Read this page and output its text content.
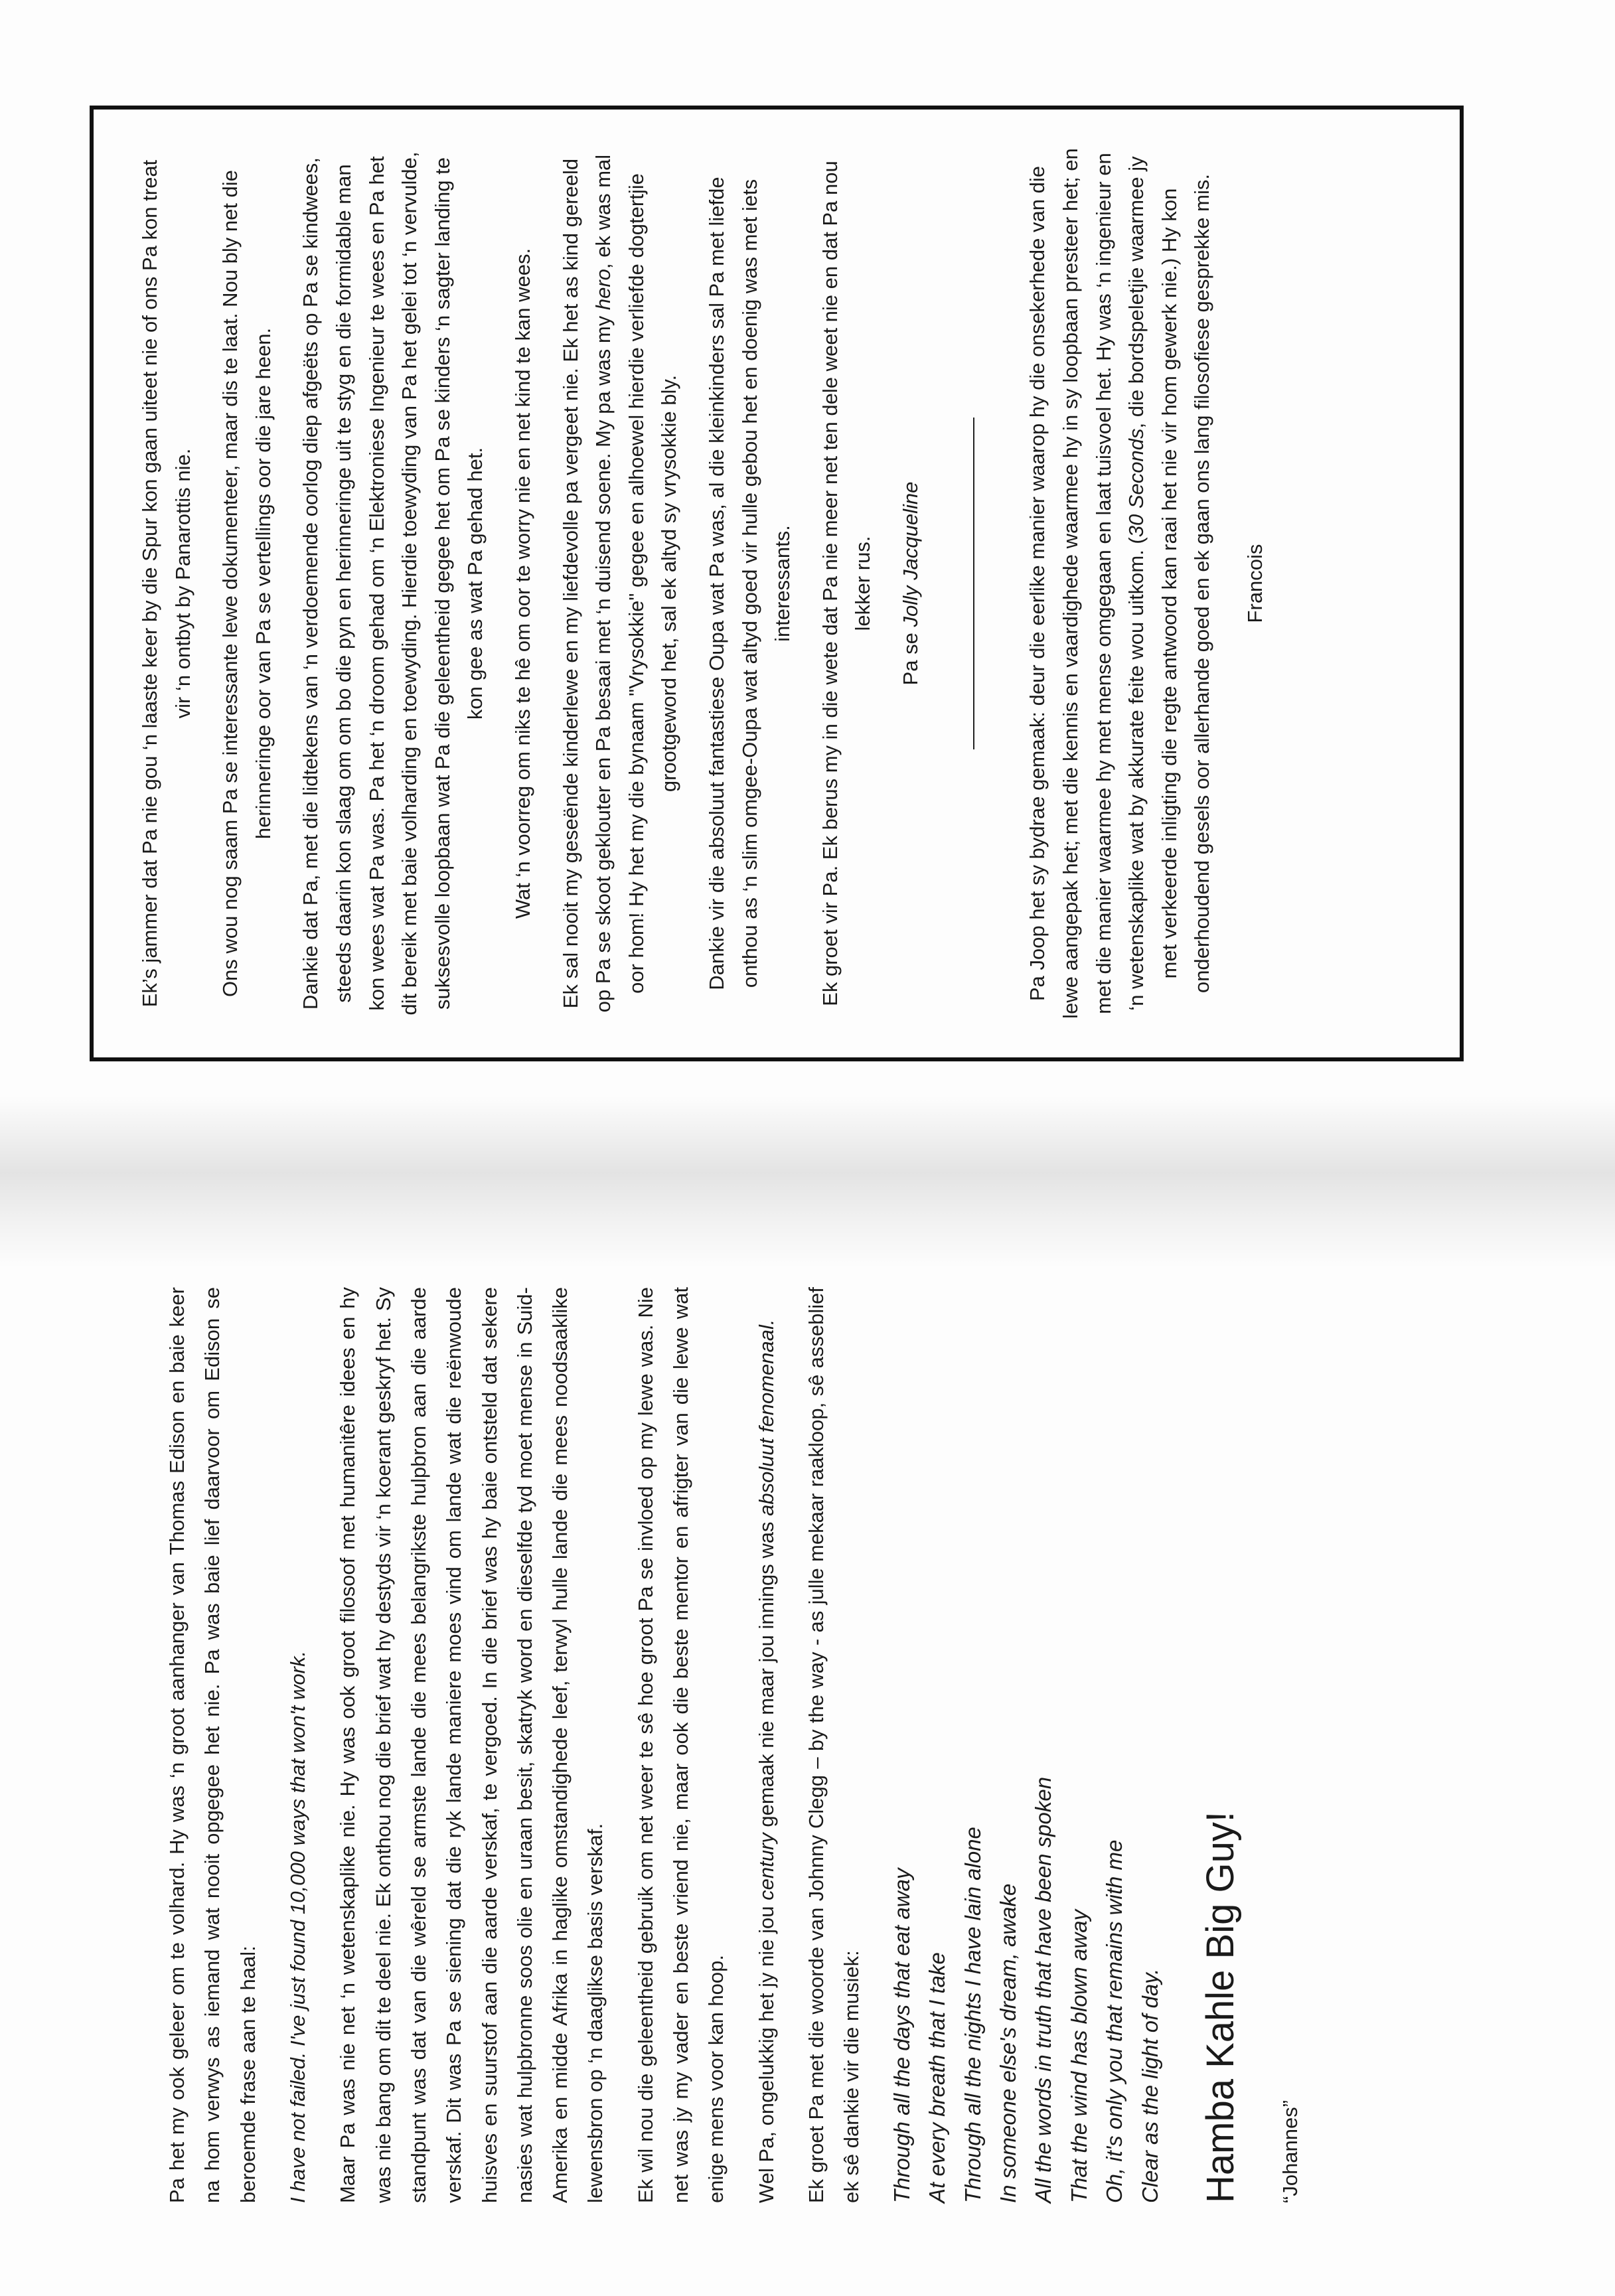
Pa het my ook geleer om te volhard. Hy was ‘n groot aanhanger van Thomas Edison en baie keer na hom verwys as iemand wat nooit opgegee het nie. Pa was baie lief daarvoor om Edison se beroemde frase aan te haal:	I have not failed. I've just found 10,000 ways that won't work.	Maar Pa was nie net ‘n wetenskaplike nie. Hy was ook groot filosoof met humanitêre idees en hy was nie bang om dit te deel nie. Ek onthou nog die brief wat hy destyds vir ‘n koerant geskryf het. Sy standpunt was dat van die wêreld se armste lande die mees belangrikste hulpbron aan die aarde verskaf. Dit was Pa se siening dat die ryk lande maniere moes vind om lande wat die reënwoude huisves en suurstof aan die aarde verskaf, te vergoed. In die brief was hy baie ontsteld dat sekere nasies wat hulpbronne soos olie en uraan besit, skatryk word en dieselfde tyd moet mense in Suid-Amerika en midde Afrika in haglike omstandighede leef, terwyl hulle lande die mees noodsaaklike lewensbron op ‘n daaglikse basis verskaf.	Ek wil nou die geleentheid gebruik om net weer te sê hoe groot Pa se invloed op my lewe was. Nie net was jy my vader en beste vriend nie, maar ook die beste mentor en afrigter van die lewe wat enige mens voor kan hoop.	Wel Pa, ongelukkig het jy nie jou century gemaak nie maar jou innings was absoluut fenomenaal.	Ek groet Pa met die woorde van Johnny Clegg – by the way - as julle mekaar raakloop, sê asseblief ek sê dankie vir die musiek: Through all the days that eat away At every breath that I take Through all the nights I have lain alone In someone else's dream, awake All the words in truth that have been spoken That the wind has blown away Oh, it's only you that remains with me Clear as the light of day. Hamba Kahle Big Guy!	“Johannes”

Ek’s jammer dat Pa nie gou ‘n laaste keer by die Spur kon gaan uiteet nie of ons Pa kon treat vir ‘n ontbyt by Panarottis nie. Ons wou nog saam Pa se interessante lewe dokumenteer, maar dis te laat. Nou bly net die herinneringe oor van Pa se vertellings oor die jare heen. Dankie dat Pa, met die lidtekens van ‘n verdoemende oorlog diep afgeëts op Pa se kindwees, steeds daarin kon slaag om om bo die pyn en herinneringe uit te styg en die formidable man kon wees wat Pa was. Pa het ‘n droom gehad om ‘n Elektroniese Ingenieur te wees en Pa het dit bereik met baie volharding en toewyding. Hierdie toewyding van Pa het gelei tot ‘n vervulde, suksesvolle loopbaan wat Pa die geleentheid gegee het om Pa se kinders ‘n sagter landing te kon gee as wat Pa gehad het. Wat ‘n voorreg om niks te hê om oor te worry nie en net kind te kan wees. Ek sal nooit my geseënde kinderlewe en my liefdevolle pa vergeet nie. Ek het as kind gereeld op Pa se skoot geklouter en Pa besaai met ‘n duisend soene. My pa was my hero, ek was mal oor hom! Hy het my die bynaam "Vrysokkie" gegee en alhoewel hierdie verliefde dogtertjie grootgeword het, sal ek altyd sy vrysokkie bly. Dankie vir die absoluut fantastiese Oupa wat Pa was, al die kleinkinders sal Pa met liefde onthou as ‘n slim omgee-Oupa wat altyd goed vir hulle gebou het en doenig was met iets interessants. Ek groet vir Pa. Ek berus my in die wete dat Pa nie meer net ten dele weet nie en dat Pa nou lekker rus.

Pa se Jolly Jacqueline	Pa Joop het sy bydrae gemaak: deur die eerlike manier waarop hy die onsekerhede van die lewe aangepak het; met die kennis en vaardighede waarmee hy in sy loopbaan presteer het; en met die manier waarmee hy met mense omgegaan en laat tuisvoel het. Hy was ‘n ingenieur en ‘n wetenskaplike wat by akkurate feite wou uitkom. (30 Seconds, die bordspeletjie waarmee jy met verkeerde inligting die regte antwoord kan raai het nie vir hom gewerk nie.) Hy kon onderhoudend gesels oor allerhande goed en ek gaan ons lang filosofiese gesprekke mis. Francois
